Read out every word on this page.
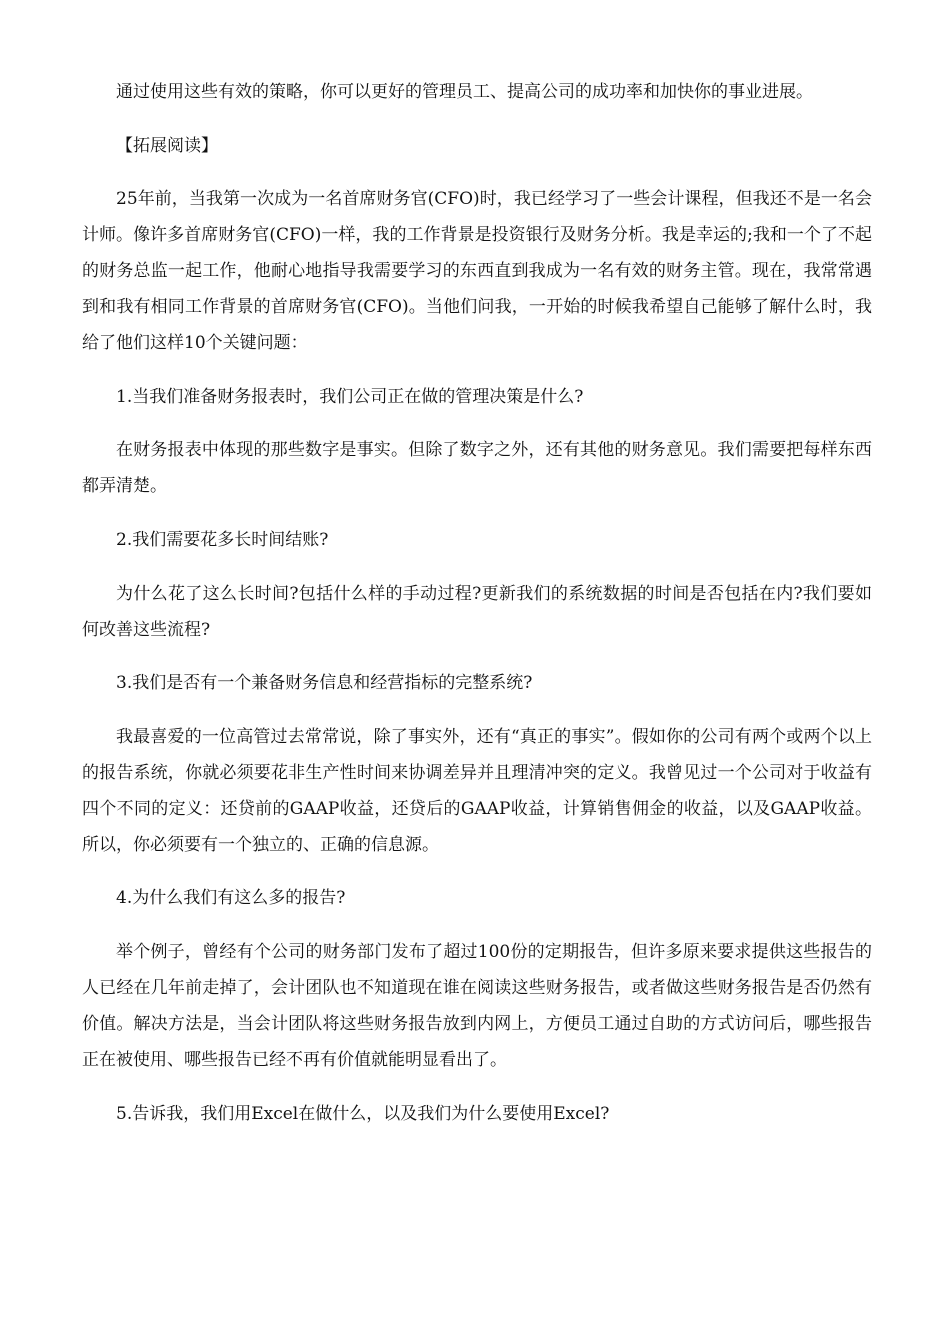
通过使用这些有效的策略，你可以更好的管理员工、提高公司的成功率和加快你的事业进展。

【拓展阅读】

25年前，当我第一次成为一名首席财务官(CFO)时，我已经学习了一些会计课程，但我还不是一名会计师。像许多首席财务官(CFO)一样，我的工作背景是投资银行及财务分析。我是幸运的;我和一个了不起的财务总监一起工作，他耐心地指导我需要学习的东西直到我成为一名有效的财务主管。现在，我常常遇到和我有相同工作背景的首席财务官(CFO)。当他们问我，一开始的时候我希望自己能够了解什么时，我给了他们这样10个关键问题：

1.当我们准备财务报表时，我们公司正在做的管理决策是什么?

在财务报表中体现的那些数字是事实。但除了数字之外，还有其他的财务意见。我们需要把每样东西都弄清楚。

2.我们需要花多长时间结账?

为什么花了这么长时间?包括什么样的手动过程?更新我们的系统数据的时间是否包括在内?我们要如何改善这些流程?

3.我们是否有一个兼备财务信息和经营指标的完整系统?

我最喜爱的一位高管过去常常说，除了事实外，还有“真正的事实”。假如你的公司有两个或两个以上的报告系统，你就必须要花非生产性时间来协调差异并且理清冲突的定义。我曾见过一个公司对于收益有四个不同的定义：还贷前的GAAP收益，还贷后的GAAP收益，计算销售佣金的收益，以及GAAP收益。所以，你必须要有一个独立的、正确的信息源。

4.为什么我们有这么多的报告?

举个例子，曾经有个公司的财务部门发布了超过100份的定期报告，但许多原来要求提供这些报告的人已经在几年前走掉了，会计团队也不知道现在谁在阅读这些财务报告，或者做这些财务报告是否仍然有价值。解决方法是，当会计团队将这些财务报告放到内网上，方便员工通过自助的方式访问后，哪些报告正在被使用、哪些报告已经不再有价值就能明显看出了。

5.告诉我，我们用Excel在做什么，以及我们为什么要使用Excel?
